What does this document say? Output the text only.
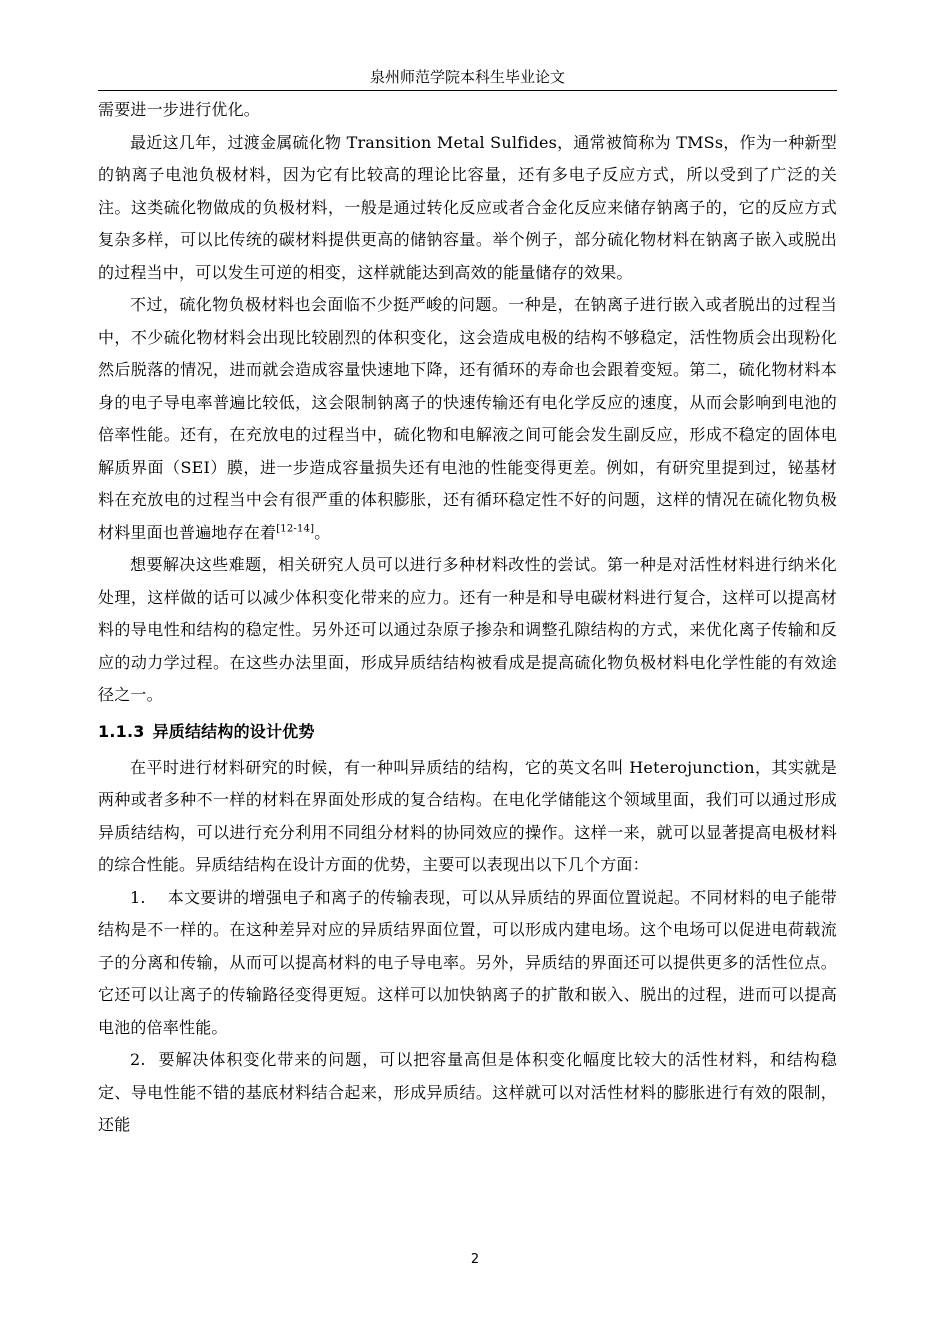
泉州师范学院本科生毕业论文

需要进一步进行优化。

最近这几年，过渡金属硫化物 Transition Metal Sulfides，通常被简称为 TMSs，作为一种新型的钠离子电池负极材料，因为它有比较高的理论比容量，还有多电子反应方式，所以受到了广泛的关注。这类硫化物做成的负极材料，一般是通过转化反应或者合金化反应来储存钠离子的，它的反应方式复杂多样，可以比传统的碳材料提供更高的储钠容量。举个例子，部分硫化物材料在钠离子嵌入或脱出的过程当中，可以发生可逆的相变，这样就能达到高效的能量储存的效果。

不过，硫化物负极材料也会面临不少挺严峻的问题。一种是，在钠离子进行嵌入或者脱出的过程当中，不少硫化物材料会出现比较剧烈的体积变化，这会造成电极的结构不够稳定，活性物质会出现粉化然后脱落的情况，进而就会造成容量快速地下降，还有循环的寿命也会跟着变短。第二，硫化物材料本身的电子导电率普遍比较低，这会限制钠离子的快速传输还有电化学反应的速度，从而会影响到电池的倍率性能。还有，在充放电的过程当中，硫化物和电解液之间可能会发生副反应，形成不稳定的固体电解质界面（SEI）膜，进一步造成容量损失还有电池的性能变得更差。例如，有研究里提到过，铋基材料在充放电的过程当中会有很严重的体积膨胀，还有循环稳定性不好的问题，这样的情况在硫化物负极材料里面也普遍地存在着[12-14]。

想要解决这些难题，相关研究人员可以进行多种材料改性的尝试。第一种是对活性材料进行纳米化处理，这样做的话可以减少体积变化带来的应力。还有一种是和导电碳材料进行复合，这样可以提高材料的导电性和结构的稳定性。另外还可以通过杂原子掺杂和调整孔隙结构的方式，来优化离子传输和反应的动力学过程。在这些办法里面，形成异质结结构被看成是提高硫化物负极材料电化学性能的有效途径之一。

1.1.3 异质结结构的设计优势

在平时进行材料研究的时候，有一种叫异质结的结构，它的英文名叫 Heterojunction，其实就是两种或者多种不一样的材料在界面处形成的复合结构。在电化学储能这个领域里面，我们可以通过形成异质结结构，可以进行充分利用不同组分材料的协同效应的操作。这样一来，就可以显著提高电极材料的综合性能。异质结结构在设计方面的优势，主要可以表现出以下几个方面：

1. 本文要讲的增强电子和离子的传输表现，可以从异质结的界面位置说起。不同材料的电子能带结构是不一样的。在这种差异对应的异质结界面位置，可以形成内建电场。这个电场可以促进电荷载流子的分离和传输，从而可以提高材料的电子导电率。另外，异质结的界面还可以提供更多的活性位点。它还可以让离子的传输路径变得更短。这样可以加快钠离子的扩散和嵌入、脱出的过程，进而可以提高电池的倍率性能。

2. 要解决体积变化带来的问题，可以把容量高但是体积变化幅度比较大的活性材料，和结构稳定、导电性能不错的基底材料结合起来，形成异质结。这样就可以对活性材料的膨胀进行有效的限制，还能

2
